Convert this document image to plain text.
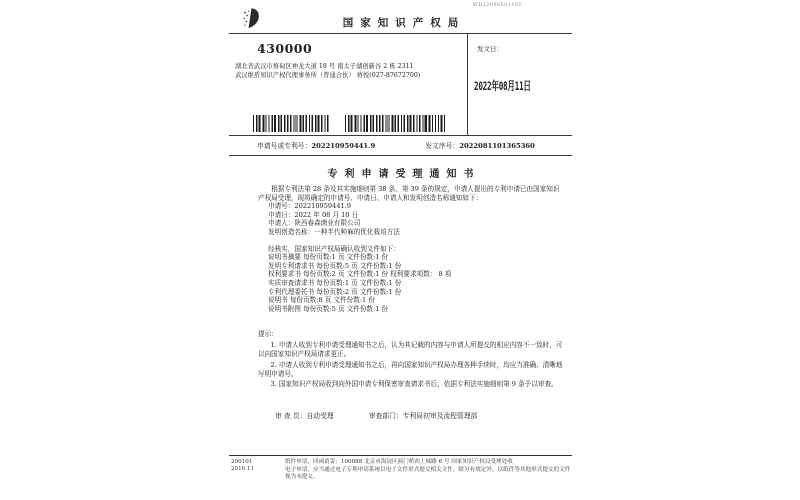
国家知识产权局
WD22098501101
430000
湖北省武汉市蔡甸区神龙大道 18 号 南太子湖创新谷 2 栋 2311
武汉维盾知识产权代理事务所（普通合伙） 蒋悦(027-87672700)
发文日：
2022年08月11日
申请号或专利号：202210959441.9	发文序号：2022081101365360
专利申请受理通知书
根据专利法第 28 条及其实施细则第 38 条、第 39 条的规定，申请人提出的专利申请已由国家知识产权局受理，现将确定的申请号、申请日、申请人和发明创造名称通知如下：
申请号：202210959441.9
申请日：2022 年 08 月 10 日
申请人：陕西春森菌业有限公司
发明创造名称：一种半代种麻的优化栽培方法
经核实，国家知识产权局确认收到文件如下：
说明书摘要 每份页数:1 页 文件份数:1 份
发明专利请求书 每份页数:5 页 文件份数:1 份
权利要求书 每份页数:2 页 文件份数:1 份 权利要求项数： 8 项
实质审查请求书 每份页数:1 页 文件份数:1 份
专利代理委托书 每份页数:2 页 文件份数:1 份
说明书 每份页数:8 页 文件份数:1 份
说明书附图 每份页数:5 页 文件份数:1 份
提示：
1. 申请人收到专利申请受理通知书之后，认为其记载的内容与申请人所提交的相应内容不一致时，可以向国家知识产权局请求更正。
2. 申请人收到专利申请受理通知书之后，再向国家知识产权局办理各种手续时，均应当准确、清晰地写明申请号。
3. 国家知识产权局收到向外国申请专利保密审查请求书后，依据专利法实施细则第 9 条予以审查。
审 查 员：自动受理	审查部门：专利局初审及流程管理部
200101
2010.11
纸件申请，回函请寄：100088 北京市海淀区蓟门桥西土城路 6 号 国家知识产权局受理处收
电子申请，应当通过电子专利申请系统以电子文件形式提交相关文件。除另有规定外，以纸件等其他形式提交的文件视为未提交。
